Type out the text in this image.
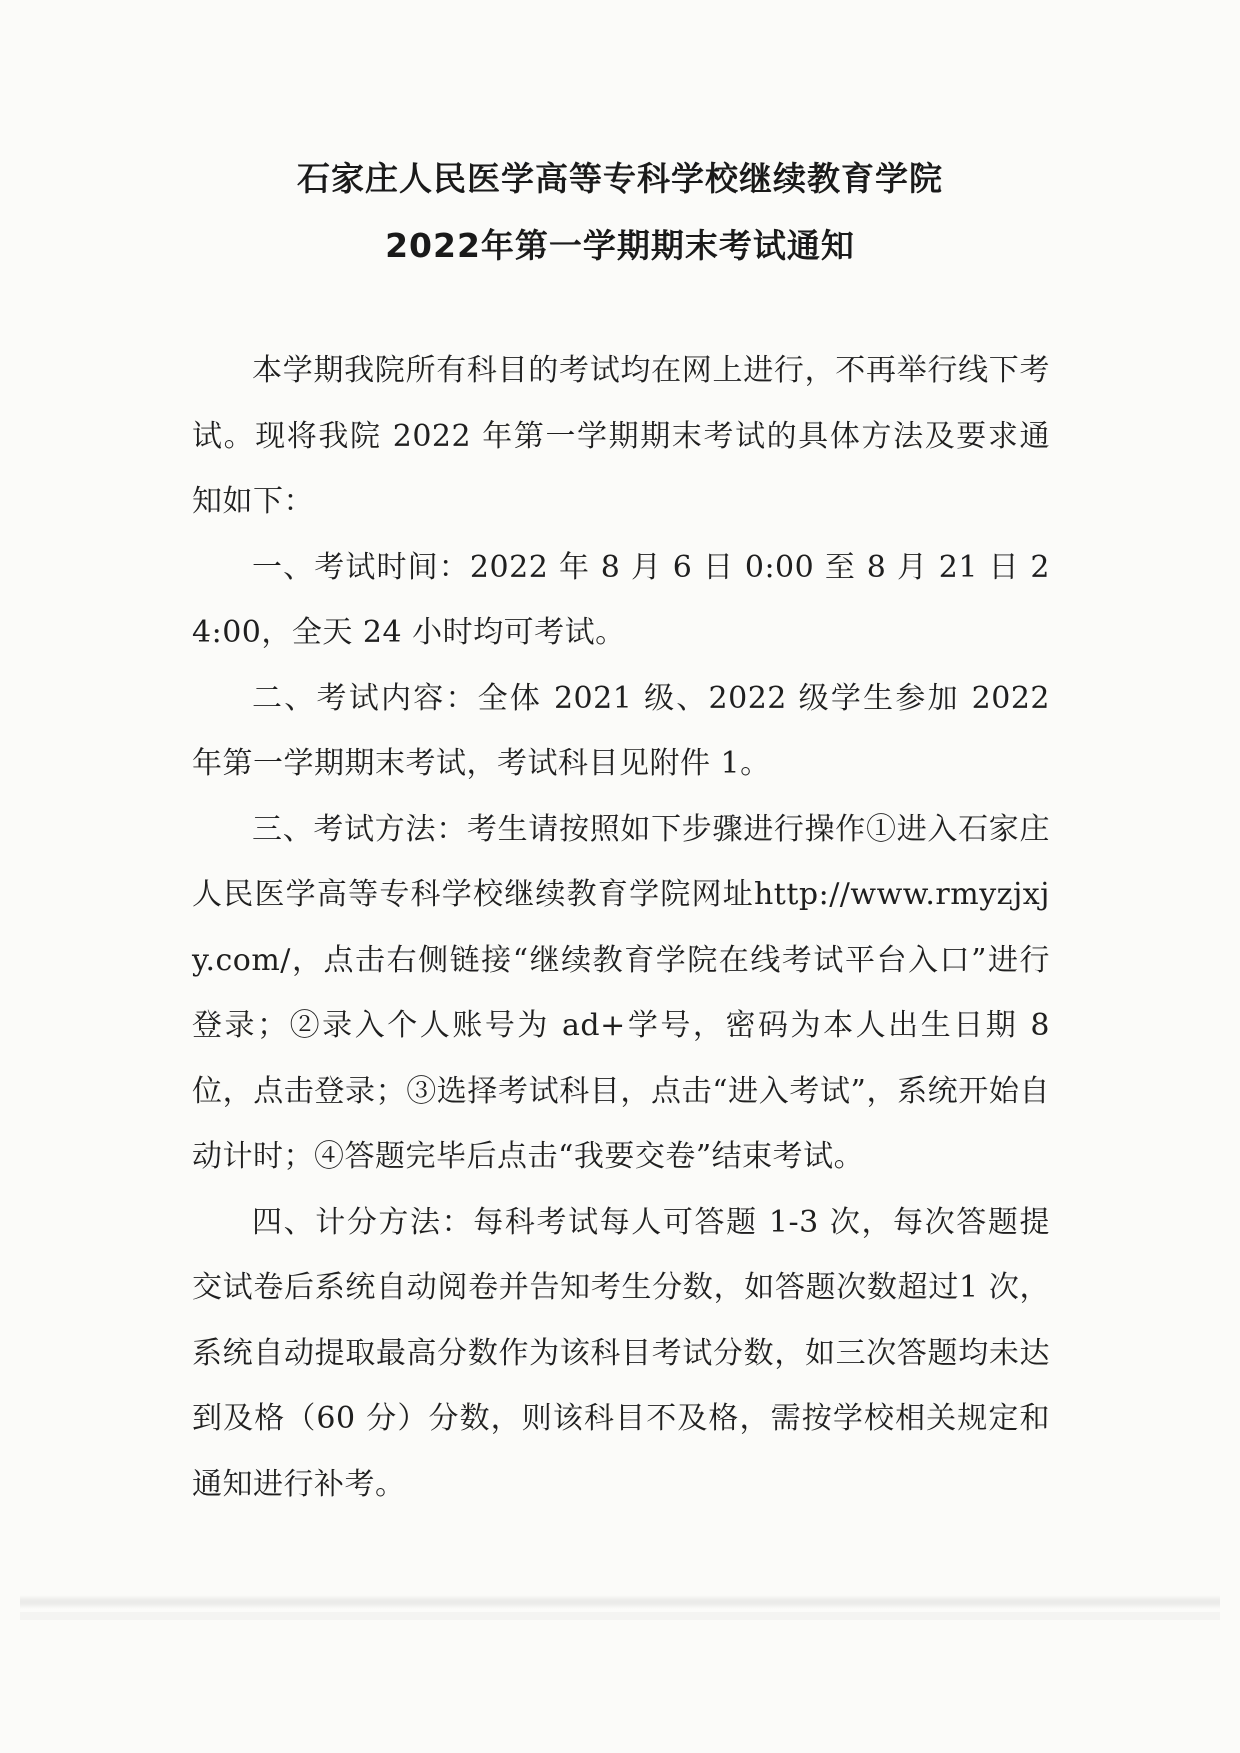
石家庄人民医学高等专科学校继续教育学院
2022年第一学期期末考试通知

本学期我院所有科目的考试均在网上进行，不再举行线下考试。现将我院 2022 年第一学期期末考试的具体方法及要求通知如下：

一、考试时间：2022 年 8 月 6 日 0:00 至 8 月 21 日 24:00，全天 24 小时均可考试。

二、考试内容：全体 2021 级、2022 级学生参加 2022 年第一学期期末考试，考试科目见附件 1。

三、考试方法：考生请按照如下步骤进行操作①进入石家庄人民医学高等专科学校继续教育学院网址http://www.rmyzjxjy.com/，点击右侧链接“继续教育学院在线考试平台入口”进行登录；②录入个人账号为 ad+学号，密码为本人出生日期 8 位，点击登录；③选择考试科目，点击“进入考试”，系统开始自动计时；④答题完毕后点击“我要交卷”结束考试。

四、计分方法：每科考试每人可答题 1-3 次，每次答题提交试卷后系统自动阅卷并告知考生分数，如答题次数超过1 次，系统自动提取最高分数作为该科目考试分数，如三次答题均未达到及格（60 分）分数，则该科目不及格，需按学校相关规定和通知进行补考。
